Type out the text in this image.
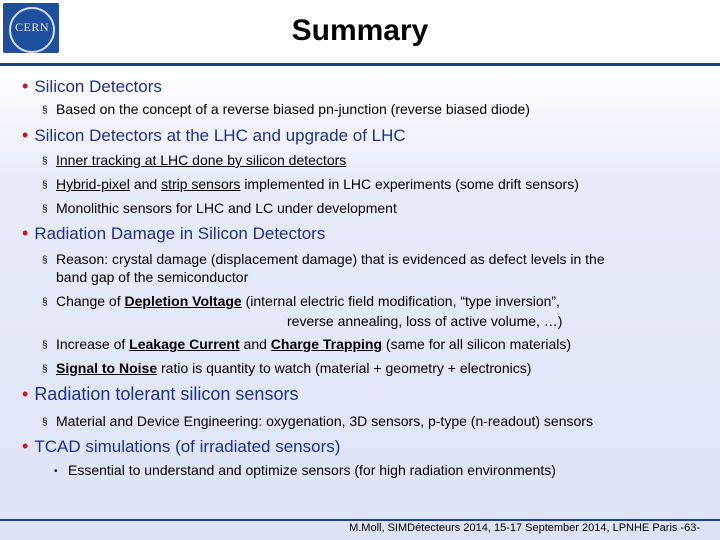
CERN	Summary
• Silicon Detectors
§ Based on the concept of a reverse biased pn-junction (reverse biased diode)
• Silicon Detectors at the LHC and upgrade of LHC
§ Inner tracking at LHC done by silicon detectors
§ Hybrid-pixel and strip sensors implemented in LHC experiments (some drift sensors)
§ Monolithic sensors for LHC and LC under development
• Radiation Damage in Silicon Detectors
§ Reason: crystal damage (displacement damage) that is evidenced as defect levels in the
band gap of the semiconductor
§ Change of Depletion Voltage (internal electric field modification, “type inversion”,
reverse annealing, loss of active volume, …)
§ Increase of Leakage Current and Charge Trapping (same for all silicon materials)
§ Signal to Noise ratio is quantity to watch (material + geometry + electronics)
• Radiation tolerant silicon sensors
§ Material and Device Engineering: oxygenation, 3D sensors, p-type (n-readout) sensors
• TCAD simulations (of irradiated sensors)
• Essential to understand and optimize sensors (for high radiation environments)
M.Moll, SIMDétecteurs 2014, 15-17 September 2014, LPNHE Paris -63-
